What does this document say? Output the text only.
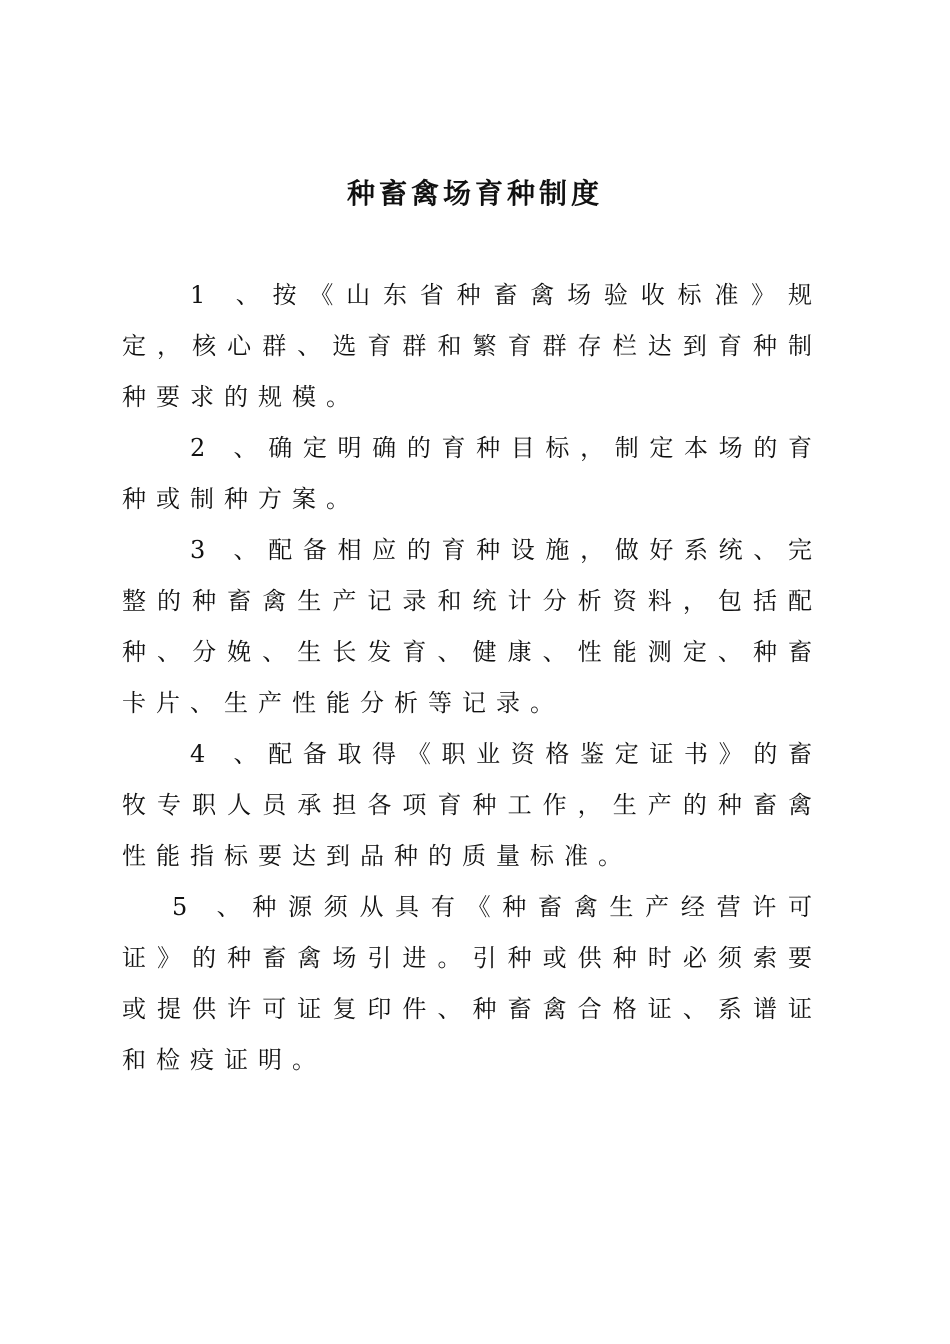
种畜禽场育种制度

1 、按《山东省种畜禽场验收标准》规定，核心群、选育群和繁育群存栏达到育种制种要求的规模。

2 、确定明确的育种目标，制定本场的育种或制种方案。

3 、配备相应的育种设施，做好系统、完整的种畜禽生产记录和统计分析资料，包括配种、分娩、生长发育、健康、性能测定、种畜卡片、生产性能分析等记录。

4 、配备取得《职业资格鉴定证书》的畜牧专职人员承担各项育种工作，生产的种畜禽性能指标要达到品种的质量标准。

5 、种源须从具有《种畜禽生产经营许可证》的种畜禽场引进。引种或供种时必须索要或提供许可证复印件、种畜禽合格证、系谱证和检疫证明。
